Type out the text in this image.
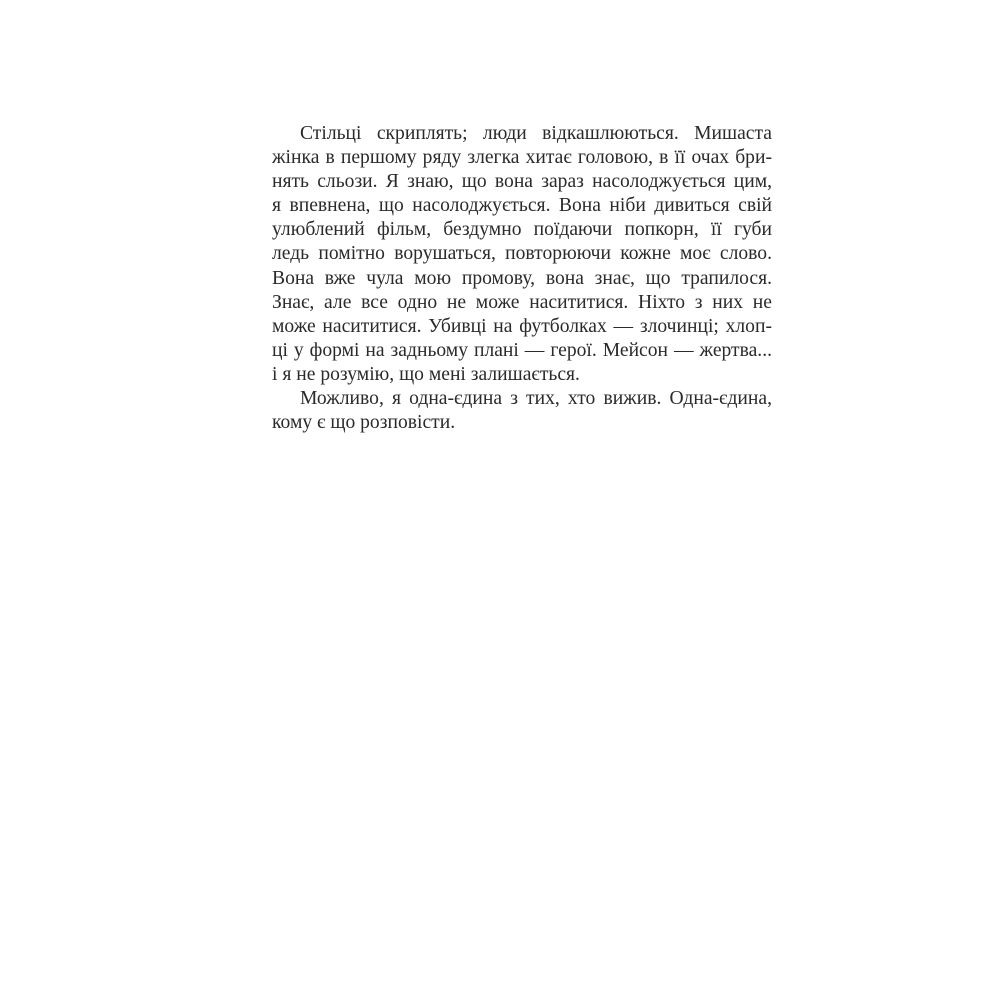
Стільці скриплять; люди відкашлюються. Мишаста
жінка в першому ряду злегка хитає головою, в її очах бри-
нять сльози. Я знаю, що вона зараз насолоджується цим,
я впевнена, що насолоджується. Вона ніби дивиться свій
улюблений фільм, бездумно поїдаючи попкорн, її губи
ледь помітно ворушаться, повторюючи кожне моє слово.
Вона вже чула мою промову, вона знає, що трапилося.
Знає, але все одно не може насититися. Ніхто з них не
може насититися. Убивці на футболках — злочинці; хлоп-
ці у формі на задньому плані — герої. Мейсон — жертва...
і я не розумію, що мені залишається.
Можливо, я одна-єдина з тих, хто вижив. Одна-єдина,
кому є що розповісти.
